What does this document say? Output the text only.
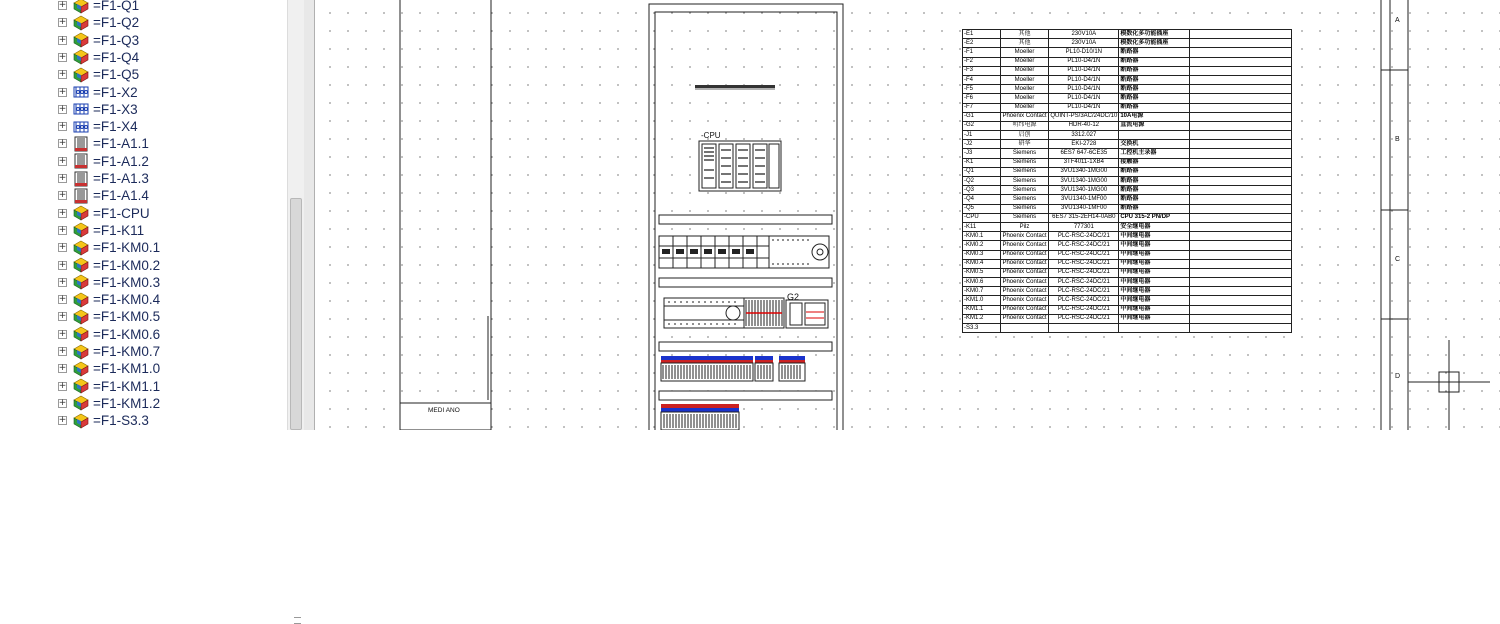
+ =F1-Q1
+ =F1-Q2
+ =F1-Q3
+ =F1-Q4
+ =F1-Q5
+ =F1-X2
+ =F1-X3
+ =F1-X4
+ =F1-A1.1
+ =F1-A1.2
+ =F1-A1.3
+ =F1-A1.4
+ =F1-CPU
+ =F1-K11
+ =F1-KM0.1
+ =F1-KM0.2
+ =F1-KM0.3
+ =F1-KM0.4
+ =F1-KM0.5
+ =F1-KM0.6
+ =F1-KM0.7
+ =F1-KM1.0
+ =F1-KM1.1
+ =F1-KM1.2
+ =F1-S3.3
-CPU
G2
MEDI ANO
A
B
C
D
-E1	其他	230V10A	模数化多功能插座	
-E2	其他	230V10A	模数化多功能插座	
-F1	Moeller	PL10-D10/1N	断路器	
-F2	Moeller	PL10-D4/1N	断路器	
-F3	Moeller	PL10-D4/1N	断路器	
-F4	Moeller	PL10-D4/1N	断路器	
-F5	Moeller	PL10-D4/1N	断路器	
-F6	Moeller	PL10-D4/1N	断路器	
-F7	Moeller	PL10-D4/1N	断路器	
-G1	Phoenix Contact	QUINT-PS/3AC/24DC/10	10A电源	
-G2	明纬电源	HDR-40-12	直流电源	
-J1	启创	3312.027		
-J2	研华	EKI-2728	交换机	
-J3	Siemens	6ES7 647-6CE35	工控机主录器	
-K1	Siemens	3TF4011-1XB4	接触器	
-Q1	Siemens	3VU1340-1MG00	断路器	
-Q2	Siemens	3VU1340-1MG00	断路器	
-Q3	Siemens	3VU1340-1MG00	断路器	
-Q4	Siemens	3VU1340-1MF00	断路器	
-Q5	Siemens	3VU1340-1MF00	断路器	
-CPU	Siemens	6ES7 315-2EH14-0AB0	CPU 315-2 PN/DP	
-K11	Pilz	777301	安全继电器	
-KM0.1	Phoenix Contact	PLC-RSC-24DC/21	中间继电器	
-KM0.2	Phoenix Contact	PLC-RSC-24DC/21	中间继电器	
-KM0.3	Phoenix Contact	PLC-RSC-24DC/21	中间继电器	
-KM0.4	Phoenix Contact	PLC-RSC-24DC/21	中间继电器	
-KM0.5	Phoenix Contact	PLC-RSC-24DC/21	中间继电器	
-KM0.6	Phoenix Contact	PLC-RSC-24DC/21	中间继电器	
-KM0.7	Phoenix Contact	PLC-RSC-24DC/21	中间继电器	
-KM1.0	Phoenix Contact	PLC-RSC-24DC/21	中间继电器	
-KM1.1	Phoenix Contact	PLC-RSC-24DC/21	中间继电器	
-KM1.2	Phoenix Contact	PLC-RSC-24DC/21	中间继电器	
-S3.3				
